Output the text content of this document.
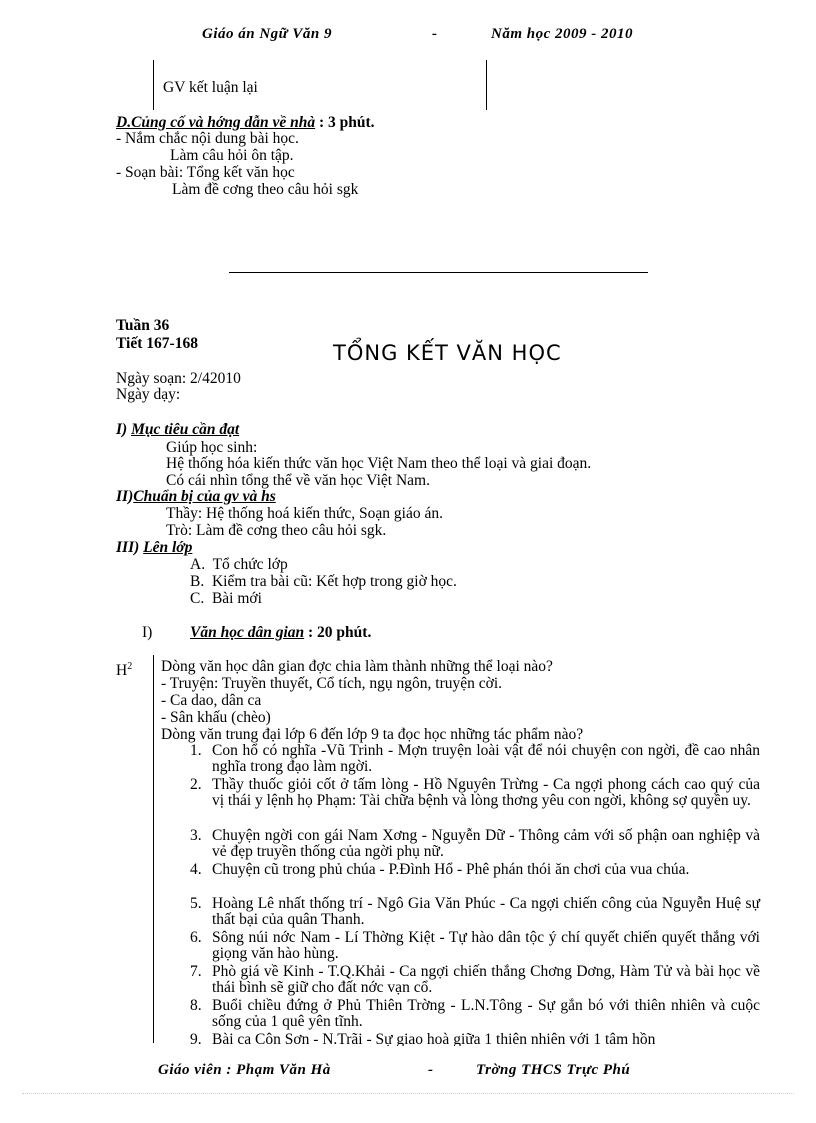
Giáo án Ngữ Văn 9	-	Năm học 2009 - 2010
GV kết luận lại
D.Củng cố và hớng dẫn về nhà : 3 phút.
- Nắm chắc nội dung bài học.
Làm câu hỏi ôn tập.
- Soạn bài: Tổng kết văn học
Làm đề cơng theo câu hỏi sgk
Tuần 36
Tiết 167-168	TỔNG KẾT VĂN HỌC
Ngày soạn: 2/42010
Ngày dạy:
I) Mục tiêu cần đạt
Giúp học sinh:
Hệ thống hóa kiến thức văn học Việt Nam theo thể loại và giai đoạn.
Có cái nhìn tổng thể về văn học Việt Nam.
II)Chuẩn bị của gv và hs
Thầy: Hệ thống hoá kiến thức, Soạn giáo án.
Trò: Làm đề cơng theo câu hỏi sgk.
III) Lên lớp
A. Tổ chức lớp
B. Kiểm tra bài cũ: Kết hợp trong giờ học.
C. Bài mới
I) Văn học dân gian : 20 phút.
$H^2$ Dòng văn học dân gian đợc chia làm thành những thể loại nào?
- Truyện: Truyền thuyết, Cổ tích, ngụ ngôn, truyện cời.
- Ca dao, dân ca
- Sân khấu (chèo)
Dòng văn trung đại lớp 6 đến lớp 9 ta đọc học những tác phẩm nào?
1. Con hổ có nghĩa -Vũ Trinh - Mợn truyện loài vật để nói chuyện con ngời, đề cao nhân nghĩa trong đạo làm ngời.
2. Thầy thuốc giỏi cốt ở tấm lòng - Hồ Nguyên Trừng - Ca ngợi phong cách cao quý của vị thái y lệnh họ Phạm: Tài chữa bệnh và lòng thơng yêu con ngời, không sợ quyền uy.
3. Chuyện ngời con gái Nam Xơng - Nguyễn Dữ - Thông cảm với số phận oan nghiệp và vẻ đẹp truyền thống của ngời phụ nữ.
4. Chuyện cũ trong phủ chúa - P.Đình Hổ - Phê phán thói ăn chơi của vua chúa.
5. Hoàng Lê nhất thống trí - Ngô Gia Văn Phúc - Ca ngợi chiến công của Nguyễn Huệ sự thất bại của quân Thanh.
6. Sông núi nớc Nam - Lí Thờng Kiệt - Tự hào dân tộc ý chí quyết chiến quyết thắng với giọng văn hào hùng.
7. Phò giá về Kinh - T.Q.Khải - Ca ngợi chiến thắng Chơng Dơng, Hàm Tử và bài học về thái bình sẽ giữ cho đất nớc vạn cổ.
8. Buổi chiều đứng ở Phủ Thiên Trờng - L.N.Tông - Sự gắn bó với thiên nhiên và cuộc sống của 1 quê yên tĩnh.
9. Bài ca Côn Sơn - N.Trãi - Sự giao hoà giữa 1 thiên nhiên với 1 tâm hồn
Giáo viên : Phạm Văn Hà	-	Trờng THCS Trực Phú
